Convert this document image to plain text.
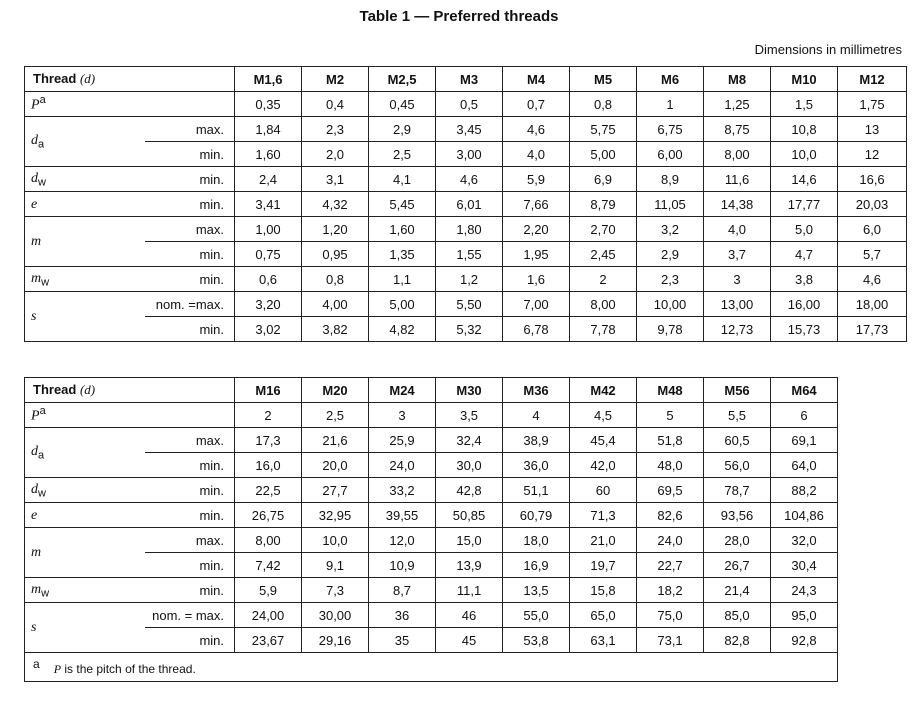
Table 1 — Preferred threads
Dimensions in millimetres
Thread (d)		M1,6	M2	M2,5	M3	M4	M5	M6	M8	M10	M12
$P^a$		0,35	0,4	0,45	0,5	0,7	0,8	1	1,25	1,5	1,75
$d_a$	max.	1,84	2,3	2,9	3,45	4,6	5,75	6,75	8,75	10,8	13
	min.	1,60	2,0	2,5	3,00	4,0	5,00	6,00	8,00	10,0	12
$d_w$	min.	2,4	3,1	4,1	4,6	5,9	6,9	8,9	11,6	14,6	16,6
e	min.	3,41	4,32	5,45	6,01	7,66	8,79	11,05	14,38	17,77	20,03
m	max.	1,00	1,20	1,60	1,80	2,20	2,70	3,2	4,0	5,0	6,0
	min.	0,75	0,95	1,35	1,55	1,95	2,45	2,9	3,7	4,7	5,7
$m_w$	min.	0,6	0,8	1,1	1,2	1,6	2	2,3	3	3,8	4,6
s	nom. =max.	3,20	4,00	5,00	5,50	7,00	8,00	10,00	13,00	16,00	18,00
	min.	3,02	3,82	4,82	5,32	6,78	7,78	9,78	12,73	15,73	17,73
Thread (d)		M16	M20	M24	M30	M36	M42	M48	M56	M64
$P^a$		2	2,5	3	3,5	4	4,5	5	5,5	6
$d_a$	max.	17,3	21,6	25,9	32,4	38,9	45,4	51,8	60,5	69,1
	min.	16,0	20,0	24,0	30,0	36,0	42,0	48,0	56,0	64,0
$d_w$	min.	22,5	27,7	33,2	42,8	51,1	60	69,5	78,7	88,2
e	min.	26,75	32,95	39,55	50,85	60,79	71,3	82,6	93,56	104,86
m	max.	8,00	10,0	12,0	15,0	18,0	21,0	24,0	28,0	32,0
	min.	7,42	9,1	10,9	13,9	16,9	19,7	22,7	26,7	30,4
$m_w$	min.	5,9	7,3	8,7	11,1	13,5	15,8	18,2	21,4	24,3
s	nom. = max.	24,00	30,00	36	46	55,0	65,0	75,0	85,0	95,0
	min.	23,67	29,16	35	45	53,8	63,1	73,1	82,8	92,8
a P is the pitch of the thread.										
